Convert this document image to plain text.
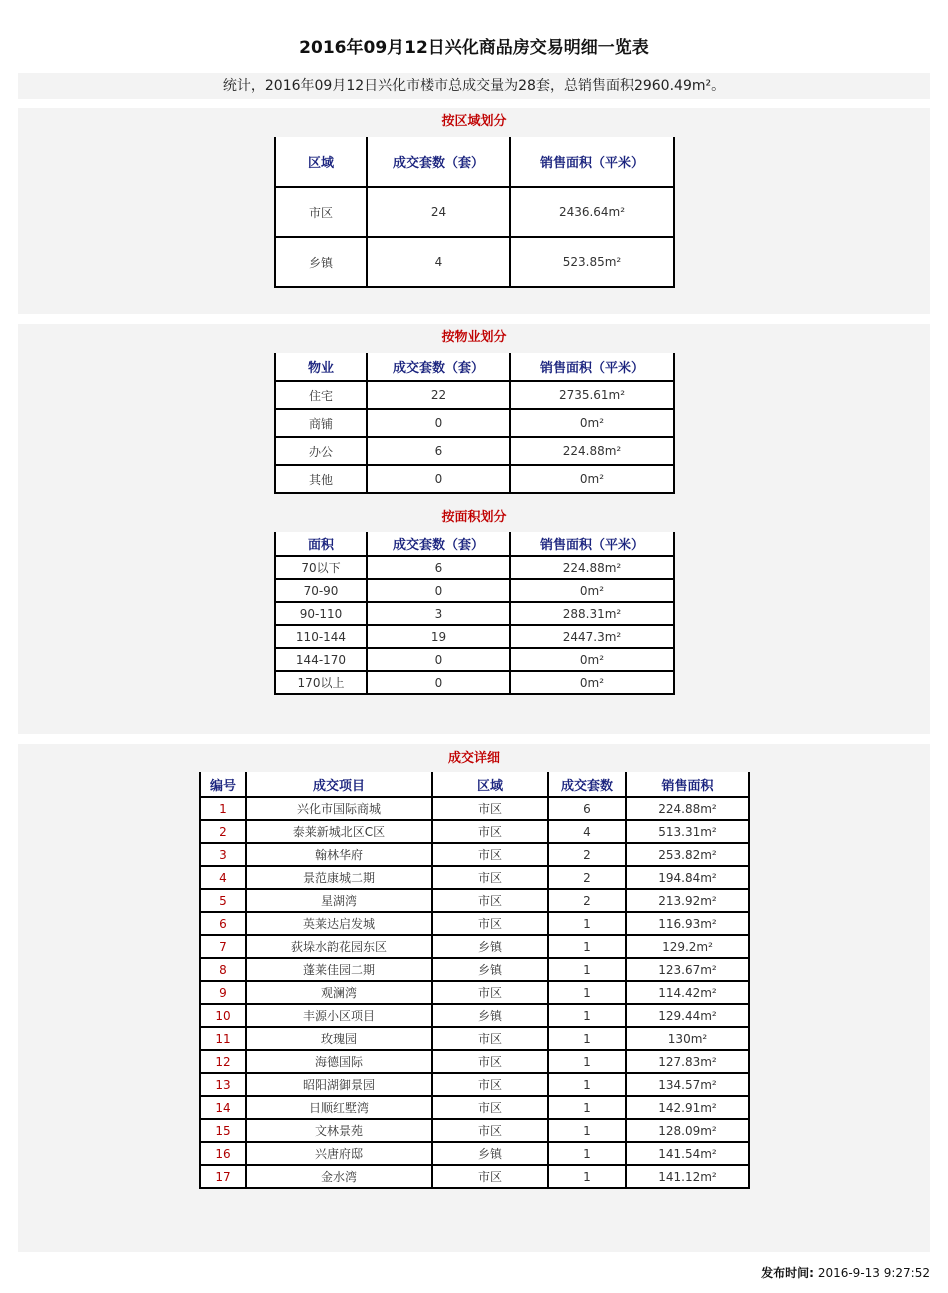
2016年09月12日兴化商品房交易明细一览表
统计，2016年09月12日兴化市楼市总成交量为28套，总销售面积2960.49m²。
按区域划分
区域	成交套数（套）	销售面积（平米）
市区	24	2436.64m²
乡镇	4	523.85m²
按物业划分
物业	成交套数（套）	销售面积（平米）
住宅	22	2735.61m²
商铺	0	0m²
办公	6	224.88m²
其他	0	0m²
按面积划分
面积	成交套数（套）	销售面积（平米）
70以下	6	224.88m²
70-90	0	0m²
90-110	3	288.31m²
110-144	19	2447.3m²
144-170	0	0m²
170以上	0	0m²
成交详细
编号	成交项目	区域	成交套数	销售面积
1	兴化市国际商城	市区	6	224.88m²
2	泰莱新城北区C区	市区	4	513.31m²
3	翰林华府	市区	2	253.82m²
4	景范康城二期	市区	2	194.84m²
5	星湖湾	市区	2	213.92m²
6	英莱达启发城	市区	1	116.93m²
7	荻垛水韵花园东区	乡镇	1	129.2m²
8	蓬莱佳园二期	乡镇	1	123.67m²
9	观澜湾	市区	1	114.42m²
10	丰源小区项目	乡镇	1	129.44m²
11	玫瑰园	市区	1	130m²
12	海德国际	市区	1	127.83m²
13	昭阳湖御景园	市区	1	134.57m²
14	日顺红墅湾	市区	1	142.91m²
15	文林景苑	市区	1	128.09m²
16	兴唐府邸	乡镇	1	141.54m²
17	金水湾	市区	1	141.12m²
发布时间: 2016-9-13 9:27:52
